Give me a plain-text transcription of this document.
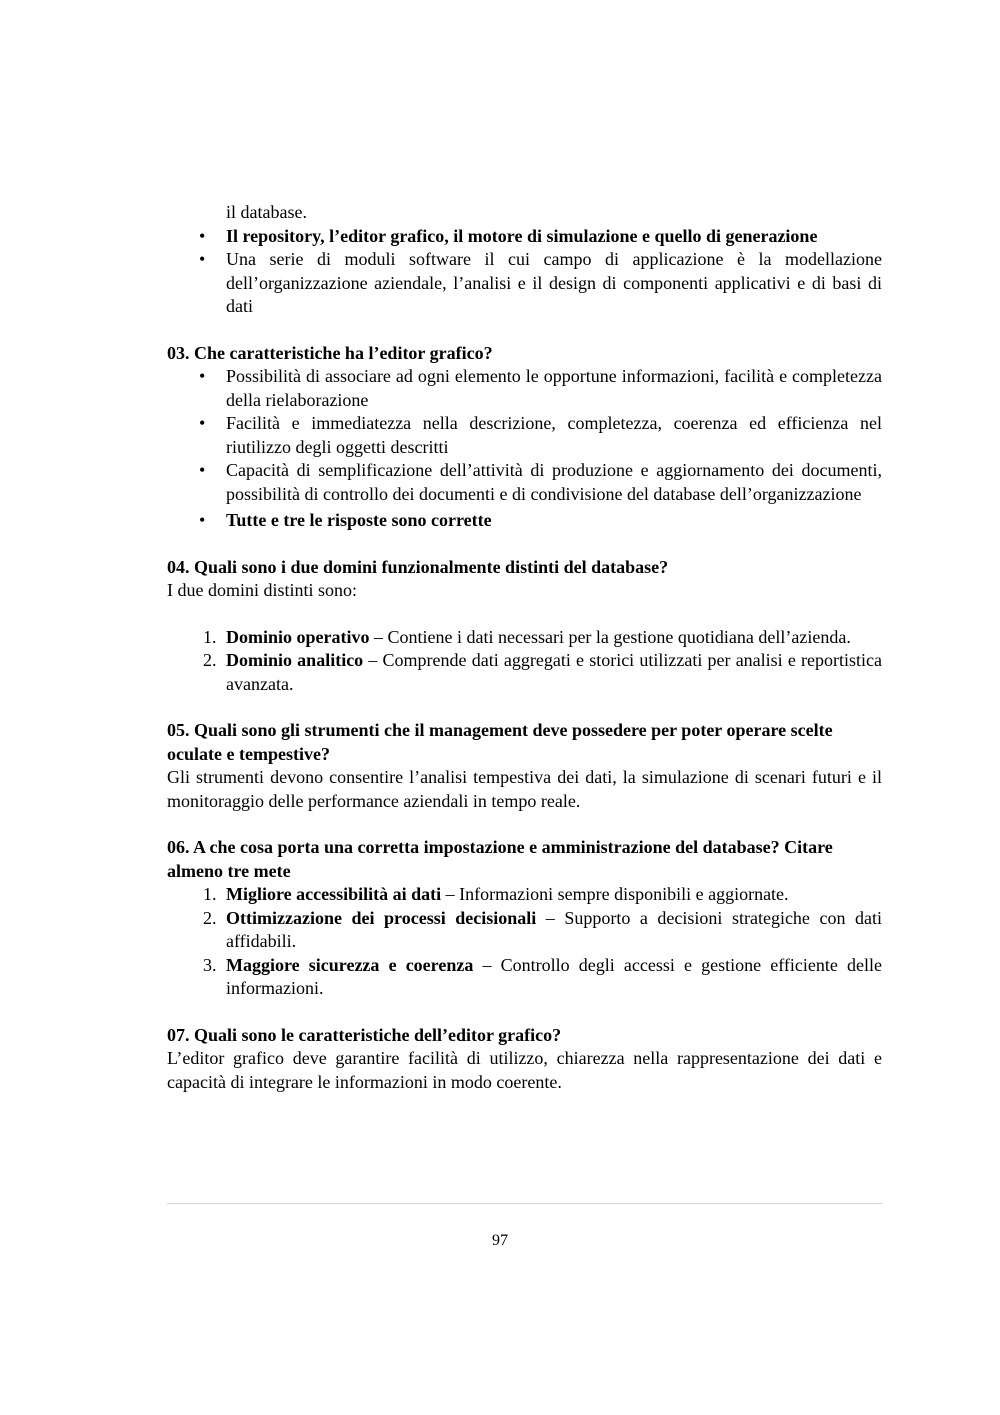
il database.
• Il repository, l’editor grafico, il motore di simulazione e quello di generazione
• Una serie di moduli software il cui campo di applicazione è la modellazione dell’organizzazione aziendale, l’analisi e il design di componenti applicativi e di basi di dati

03. Che caratteristiche ha l’editor grafico?

• Possibilità di associare ad ogni elemento le opportune informazioni, facilità e completezza della rielaborazione
• Facilità e immediatezza nella descrizione, completezza, coerenza ed efficienza nel riutilizzo degli oggetti descritti
• Capacità di semplificazione dell’attività di produzione e aggiornamento dei documenti, possibilità di controllo dei documenti e di condivisione del database dell’organizzazione
• Tutte e tre le risposte sono corrette

04. Quali sono i due domini funzionalmente distinti del database?

I due domini distinti sono:

1. Dominio operativo – Contiene i dati necessari per la gestione quotidiana dell’azienda.
2. Dominio analitico – Comprende dati aggregati e storici utilizzati per analisi e reportistica avanzata.

05. Quali sono gli strumenti che il management deve possedere per poter operare scelte oculate e tempestive?

Gli strumenti devono consentire l’analisi tempestiva dei dati, la simulazione di scenari futuri e il monitoraggio delle performance aziendali in tempo reale.

06. A che cosa porta una corretta impostazione e amministrazione del database? Citare almeno tre mete

1. Migliore accessibilità ai dati – Informazioni sempre disponibili e aggiornate.
2. Ottimizzazione dei processi decisionali – Supporto a decisioni strategiche con dati affidabili.
3. Maggiore sicurezza e coerenza – Controllo degli accessi e gestione efficiente delle informazioni.

07. Quali sono le caratteristiche dell’editor grafico?

L’editor grafico deve garantire facilità di utilizzo, chiarezza nella rappresentazione dei dati e capacità di integrare le informazioni in modo coerente.

97
